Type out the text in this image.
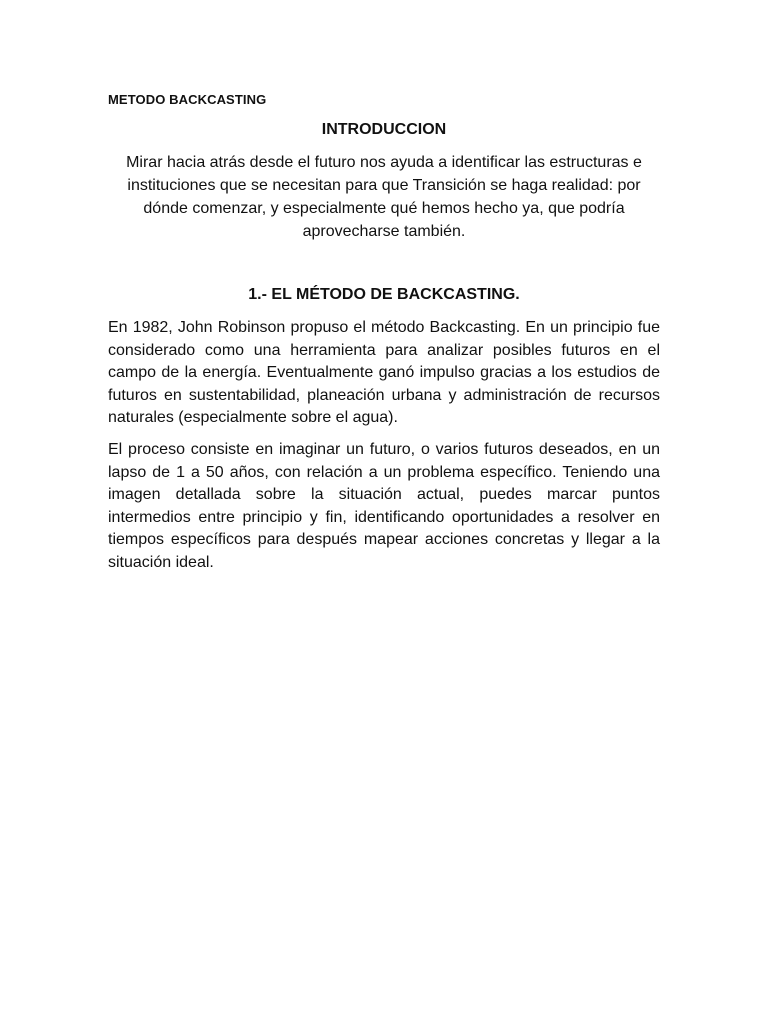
METODO BACKCASTING
INTRODUCCION
Mirar hacia atrás desde el futuro nos ayuda a identificar las estructuras e instituciones que se necesitan para que Transición se haga realidad: por dónde comenzar, y especialmente qué hemos hecho ya, que podría aprovecharse también.
1.- EL MÉTODO DE BACKCASTING.

En 1982, John Robinson propuso el método Backcasting. En un principio fue considerado como una herramienta para analizar posibles futuros en el campo de la energía. Eventualmente ganó impulso gracias a los estudios de futuros en sustentabilidad, planeación urbana y administración de recursos naturales (especialmente sobre el agua).

El proceso consiste en imaginar un futuro, o varios futuros deseados, en un lapso de 1 a 50 años, con relación a un problema específico. Teniendo una imagen detallada sobre la situación actual, puedes marcar puntos intermedios entre principio y fin, identificando oportunidades a resolver en tiempos específicos para después mapear acciones concretas y llegar a la situación ideal.
